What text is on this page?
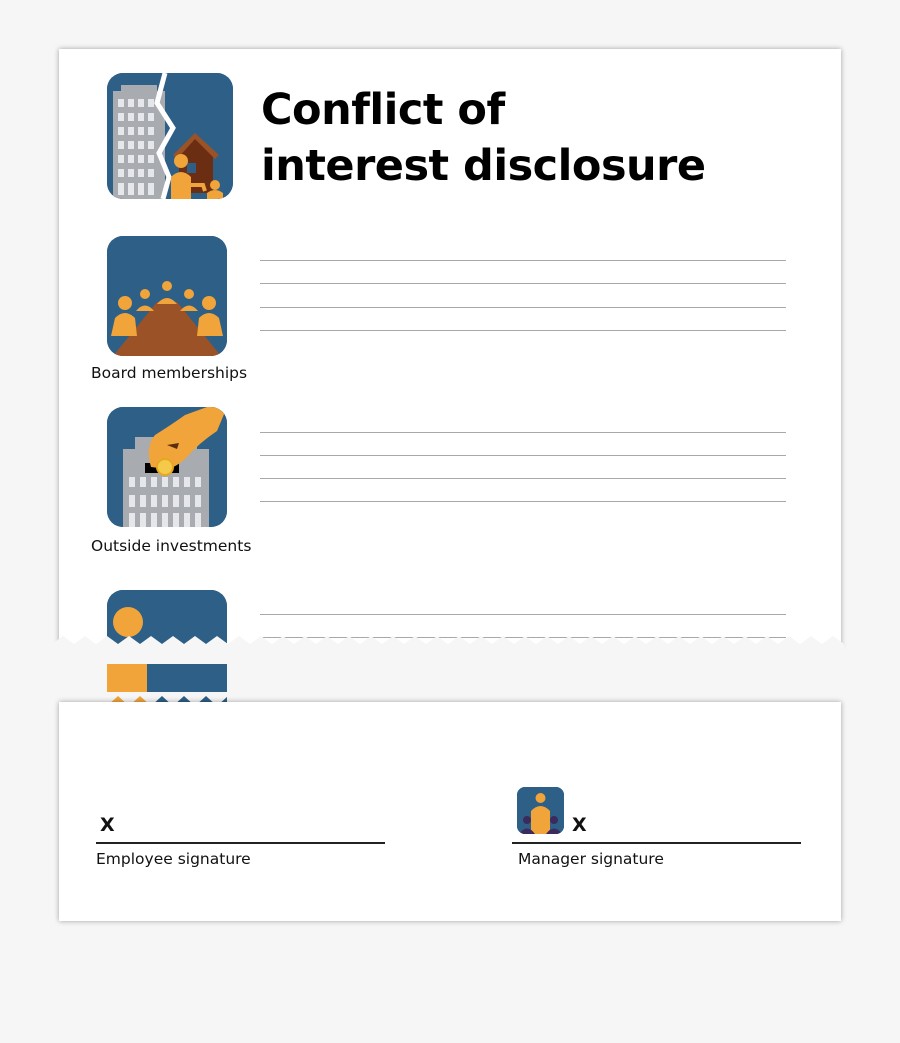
Conflict of
interest disclosure
Board memberships
Outside investments
X
Employee signature
X
Manager signature
